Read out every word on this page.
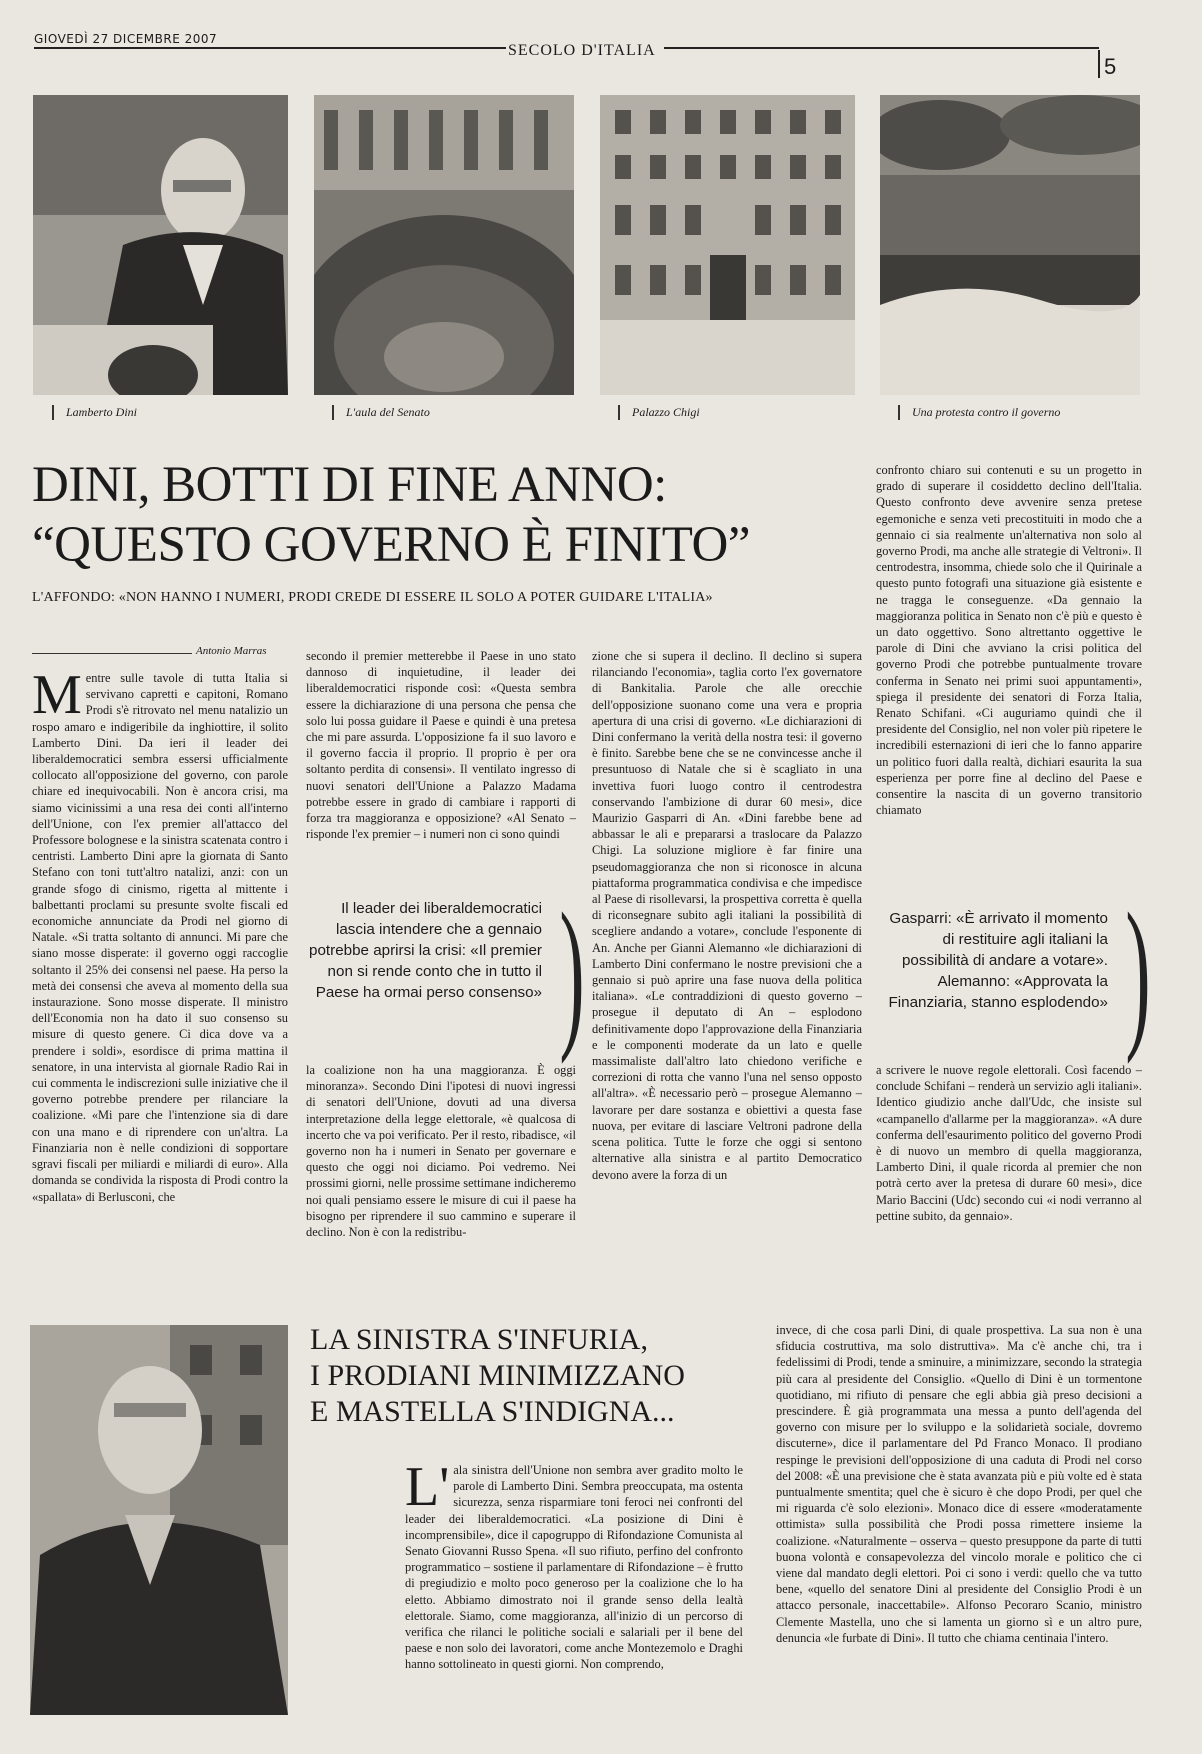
GIOVEDÌ 27 DICEMBRE 2007
SECOLO D'ITALIA
5
Lamberto Dini	L'aula del Senato	Palazzo Chigi	Una protesta contro il governo
DINI, BOTTI DI FINE ANNO:
“QUESTO GOVERNO È FINITO”
L'AFFONDO: «NON HANNO I NUMERI, PRODI CREDE DI ESSERE IL SOLO A POTER GUIDARE L'ITALIA»
Antonio Marras
M entre sulle tavole di tutta Italia si servivano capretti e capitoni, Romano Prodi s'è ritrovato nel menu natalizio un rospo amaro e indigeribile da inghiottire, il solito Lamberto Dini. Da ieri il leader dei liberaldemocratici sembra essersi ufficialmente collocato all'opposizione del governo, con parole chiare ed inequivocabili. Non è ancora crisi, ma siamo vicinissimi a una resa dei conti all'interno dell'Unione, con l'ex premier all'attacco del Professore bolognese e la sinistra scatenata contro i centristi. Lamberto Dini apre la giornata di Santo Stefano con toni tutt'altro natalizi, anzi: con un grande sfogo di cinismo, rigetta al mittente i balbettanti proclami su presunte svolte fiscali ed economiche annunciate da Prodi nel giorno di Natale. «Si tratta soltanto di annunci. Mi pare che siano mosse disperate: il governo oggi raccoglie soltanto il 25% dei consensi nel paese. Ha perso la metà dei consensi che aveva al momento della sua instaurazione. Sono mosse disperate. Il ministro dell'Economia non ha dato il suo consenso su misure di questo genere. Ci dica dove va a prendere i soldi», esordisce di prima mattina il senatore, in una intervista al giornale Radio Rai in cui commenta le indiscrezioni sulle iniziative che il governo potrebbe prendere per rilanciare la coalizione. «Mi pare che l'intenzione sia di dare con una mano e di riprendere con un'altra. La Finanziaria non è nelle condizioni di sopportare sgravi fiscali per miliardi e miliardi di euro». Alla domanda se condivida la risposta di Prodi contro la «spallata» di Berlusconi, che
secondo il premier metterebbe il Paese in uno stato dannoso di inquietudine, il leader dei liberaldemocratici risponde così: «Questa sembra essere la dichiarazione di una persona che pensa che solo lui possa guidare il Paese e quindi è una pretesa che mi pare assurda. L'opposizione fa il suo lavoro e il governo faccia il proprio. Il proprio è per ora soltanto perdita di consensi». Il ventilato ingresso di nuovi senatori dell'Unione a Palazzo Madama potrebbe essere in grado di cambiare i rapporti di forza tra maggioranza e opposizione? «Al Senato – risponde l'ex premier – i numeri non ci sono quindi
Il leader dei liberaldemocratici lascia intendere che a gennaio potrebbe aprirsi la crisi: «Il premier non si rende conto che in tutto il Paese ha ormai perso consenso» )
la coalizione non ha una maggioranza. È oggi minoranza». Secondo Dini l'ipotesi di nuovi ingressi di senatori dell'Unione, dovuti ad una diversa interpretazione della legge elettorale, «è qualcosa di incerto che va poi verificato. Per il resto, ribadisce, «il governo non ha i numeri in Senato per governare e questo che oggi noi diciamo. Poi vedremo. Nei prossimi giorni, nelle prossime settimane indicheremo noi quali pensiamo essere le misure di cui il paese ha bisogno per riprendere il suo cammino e superare il declino. Non è con la redistribu-
zione che si supera il declino. Il declino si supera rilanciando l'economia», taglia corto l'ex governatore di Bankitalia. Parole che alle orecchie dell'opposizione suonano come una vera e propria apertura di una crisi di governo. «Le dichiarazioni di Dini confermano la verità della nostra tesi: il governo è finito. Sarebbe bene che se ne convincesse anche il presuntuoso di Natale che si è scagliato in una invettiva fuori luogo contro il centrodestra conservando l'ambizione di durar 60 mesi», dice Maurizio Gasparri di An. «Dini farebbe bene ad abbassar le ali e prepararsi a traslocare da Palazzo Chigi. La soluzione migliore è far finire una pseudomaggioranza che non si riconosce in alcuna piattaforma programmatica condivisa e che impedisce al Paese di risollevarsi, la prospettiva corretta è quella di riconsegnare subito agli italiani la possibilità di scegliere andando a votare», conclude l'esponente di An. Anche per Gianni Alemanno «le dichiarazioni di Lamberto Dini confermano le nostre previsioni che a gennaio si può aprire una fase nuova della politica italiana». «Le contraddizioni di questo governo – prosegue il deputato di An – esplodono definitivamente dopo l'approvazione della Finanziaria e le componenti moderate da un lato e quelle massimaliste dall'altro lato chiedono verifiche e correzioni di rotta che vanno l'una nel senso opposto all'altra». «È necessario però – prosegue Alemanno – lavorare per dare sostanza e obiettivi a questa fase nuova, per evitare di lasciare Veltroni padrone della scena politica. Tutte le forze che oggi si sentono alternative alla sinistra e al partito Democratico devono avere la forza di un
confronto chiaro sui contenuti e su un progetto in grado di superare il cosiddetto declino dell'Italia. Questo confronto deve avvenire senza pretese egemoniche e senza veti precostituiti in modo che a gennaio ci sia realmente un'alternativa non solo al governo Prodi, ma anche alle strategie di Veltroni». Il centrodestra, insomma, chiede solo che il Quirinale a questo punto fotografi una situazione già esistente e ne tragga le conseguenze. «Da gennaio la maggioranza politica in Senato non c'è più e questo è un dato oggettivo. Sono altrettanto oggettive le parole di Dini che avviano la crisi politica del governo Prodi che potrebbe puntualmente trovare conferma in Senato nei primi suoi appuntamenti», spiega il presidente dei senatori di Forza Italia, Renato Schifani. «Ci auguriamo quindi che il presidente del Consiglio, nel non voler più ripetere le incredibili esternazioni di ieri che lo fanno apparire un politico fuori dalla realtà, dichiari esaurita la sua esperienza per porre fine al declino del Paese e consentire la nascita di un governo transitorio chiamato
)
Gasparri: «È arrivato il momento di restituire agli italiani la possibilità di andare a votare». Alemanno: «Approvata la Finanziaria, stanno esplodendo»
a scrivere le nuove regole elettorali. Così facendo – conclude Schifani – renderà un servizio agli italiani». Identico giudizio anche dall'Udc, che insiste sul «campanello d'allarme per la maggioranza». «A dure conferma dell'esaurimento politico del governo Prodi è di nuovo un membro di quella maggioranza, Lamberto Dini, il quale ricorda al premier che non potrà certo aver la pretesa di durare 60 mesi», dice Mario Baccini (Udc) secondo cui «i nodi verranno al pettine subito, da gennaio».
LA SINISTRA S'INFURIA,
I PRODIANI MINIMIZZANO
E MASTELLA S'INDIGNA...
L' ala sinistra dell'Unione non sembra aver gradito molto le parole di Lamberto Dini. Sembra preoccupata, ma ostenta sicurezza, senza risparmiare toni feroci nei confronti del leader dei liberaldemocratici. «La posizione di Dini è incomprensibile», dice il capogruppo di Rifondazione Comunista al Senato Giovanni Russo Spena. «Il suo rifiuto, perfino del confronto programmatico – sostiene il parlamentare di Rifondazione – è frutto di pregiudizio e molto poco generoso per la coalizione che lo ha eletto. Abbiamo dimostrato noi il grande senso della lealtà elettorale. Siamo, come maggioranza, all'inizio di un percorso di verifica che rilanci le politiche sociali e salariali per il bene del paese e non solo dei lavoratori, come anche Montezemolo e Draghi hanno sottolineato in questi giorni. Non comprendo,
invece, di che cosa parli Dini, di quale prospettiva. La sua non è una sfiducia costruttiva, ma solo distruttiva». Ma c'è anche chi, tra i fedelissimi di Prodi, tende a sminuire, a minimizzare, secondo la strategia più cara al presidente del Consiglio. «Quello di Dini è un tormentone quotidiano, mi rifiuto di pensare che egli abbia già preso decisioni a prescindere. È già programmata una messa a punto dell'agenda del governo con misure per lo sviluppo e la solidarietà sociale, dovremo discuterne», dice il parlamentare del Pd Franco Monaco. Il prodiano respinge le previsioni dell'opposizione di una caduta di Prodi nel corso del 2008: «È una previsione che è stata avanzata più e più volte ed è stata puntualmente smentita; quel che è sicuro è che dopo Prodi, per quel che mi riguarda c'è solo elezioni». Monaco dice di essere «moderatamente ottimista» sulla possibilità che Prodi possa rimettere insieme la coalizione. «Naturalmente – osserva – questo presuppone da parte di tutti buona volontà e consapevolezza del vincolo morale e politico che ci viene dal mandato degli elettori. Poi ci sono i verdi: quello che va tutto bene, «quello del senatore Dini al presidente del Consiglio Prodi è un attacco personale, inaccettabile». Alfonso Pecoraro Scanio, ministro Clemente Mastella, uno che si lamenta un giorno sì e un altro pure, denuncia «le furbate di Dini». Il tutto che chiama centinaia l'intero.
